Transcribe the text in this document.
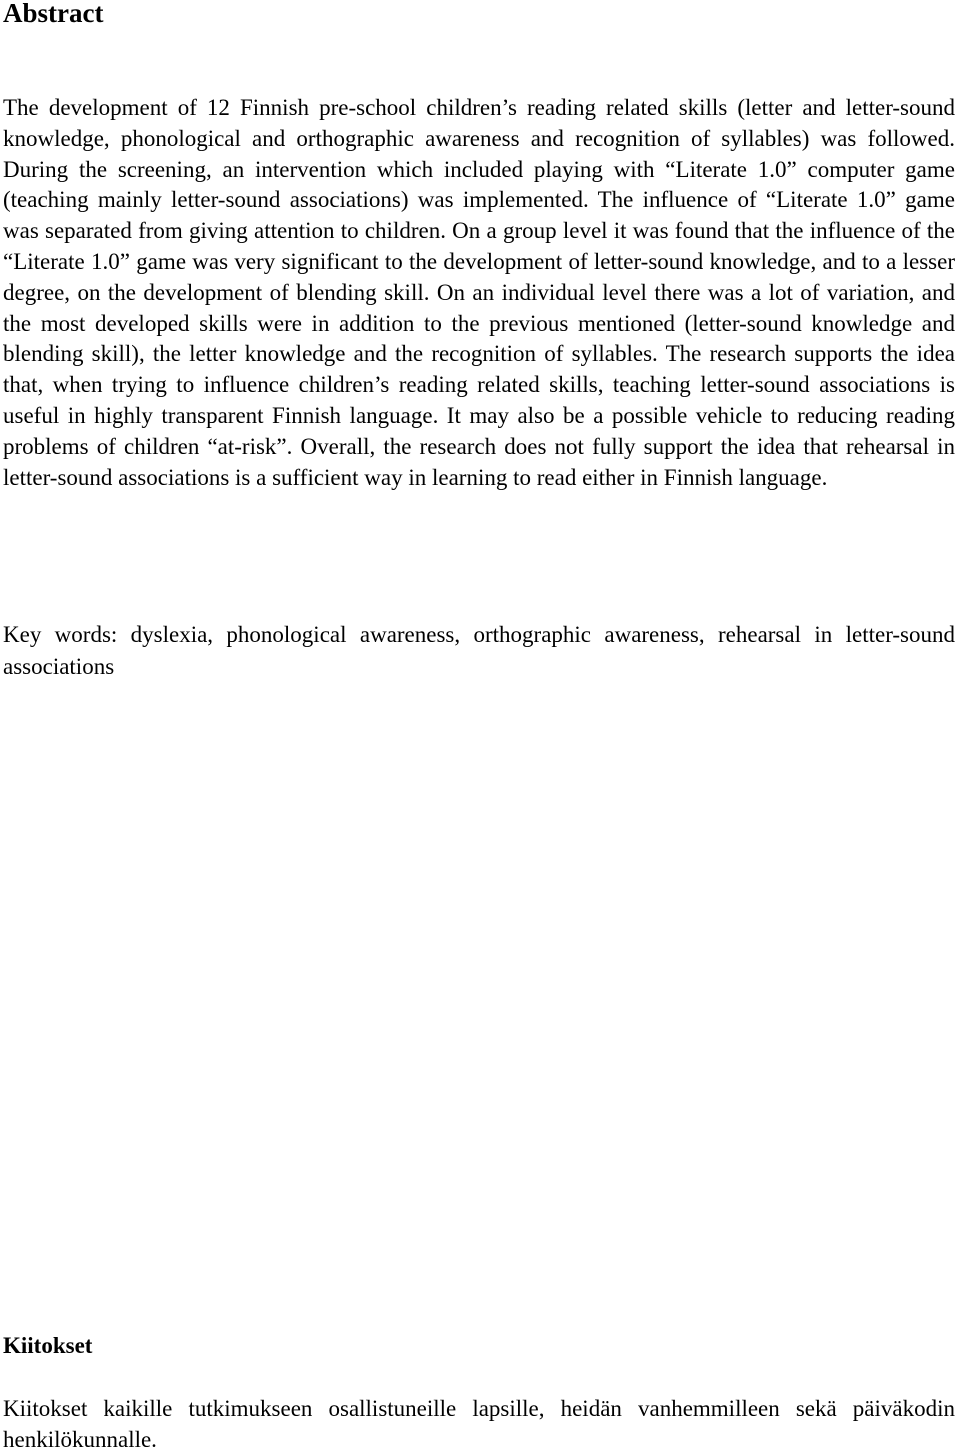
Abstract

The development of 12 Finnish pre-school children’s reading related skills (letter and letter-sound knowledge, phonological and orthographic awareness and recognition of syllables) was followed. During the screening, an intervention which included playing with “Literate 1.0” computer game (teaching mainly letter-sound associations) was implemented. The influence of “Literate 1.0” game was separated from giving attention to children. On a group level it was found that the influence of the “Literate 1.0” game was very significant to the development of letter-sound knowledge, and to a lesser degree, on the development of blending skill. On an individual level there was a lot of variation, and the most developed skills were in addition to the previous mentioned (letter-sound knowledge and blending skill), the letter knowledge and the recognition of syllables. The research supports the idea that, when trying to influence children’s reading related skills, teaching letter-sound associations is useful in highly transparent Finnish language. It may also be a possible vehicle to reducing reading problems of children “at-risk”. Overall, the research does not fully support the idea that rehearsal in letter-sound associations is a sufficient way in learning to read either in Finnish language.

Key words: dyslexia, phonological awareness, orthographic awareness, rehearsal in letter-sound associations

Kiitokset

Kiitokset kaikille tutkimukseen osallistuneille lapsille, heidän vanhemmilleen sekä päiväkodin henkilökunnalle.
